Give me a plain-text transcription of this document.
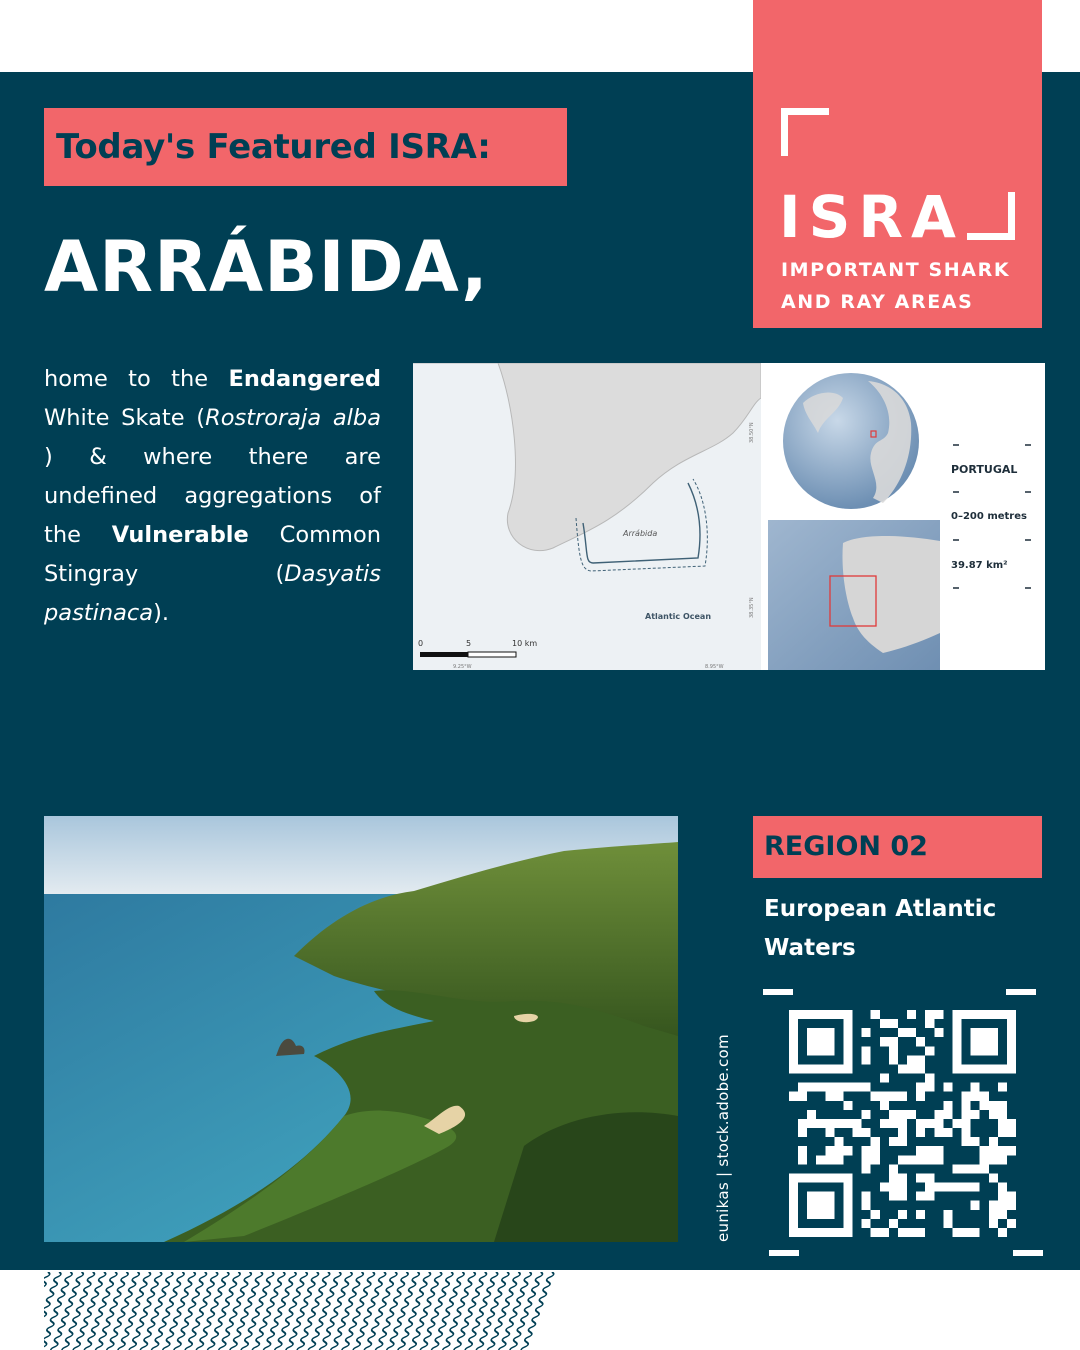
Today's Featured ISRA:
ARRÁBIDA,
ISRA
IMPORTANT SHARK
AND RAY AREAS
home to the Endangered White Skate (Rostroraja alba ) & where there are undefined aggregations of the Vulnerable Common Stingray (Dasyatis pastinaca).
Arrábida
Atlantic Ocean
38.50°N
38.35°N
0	5	10 km
9.25°W	8.95°W
PORTUGAL
0–200 metres
39.87 km²
eunikas | stock.adobe.com
REGION 02
European Atlantic
Waters
